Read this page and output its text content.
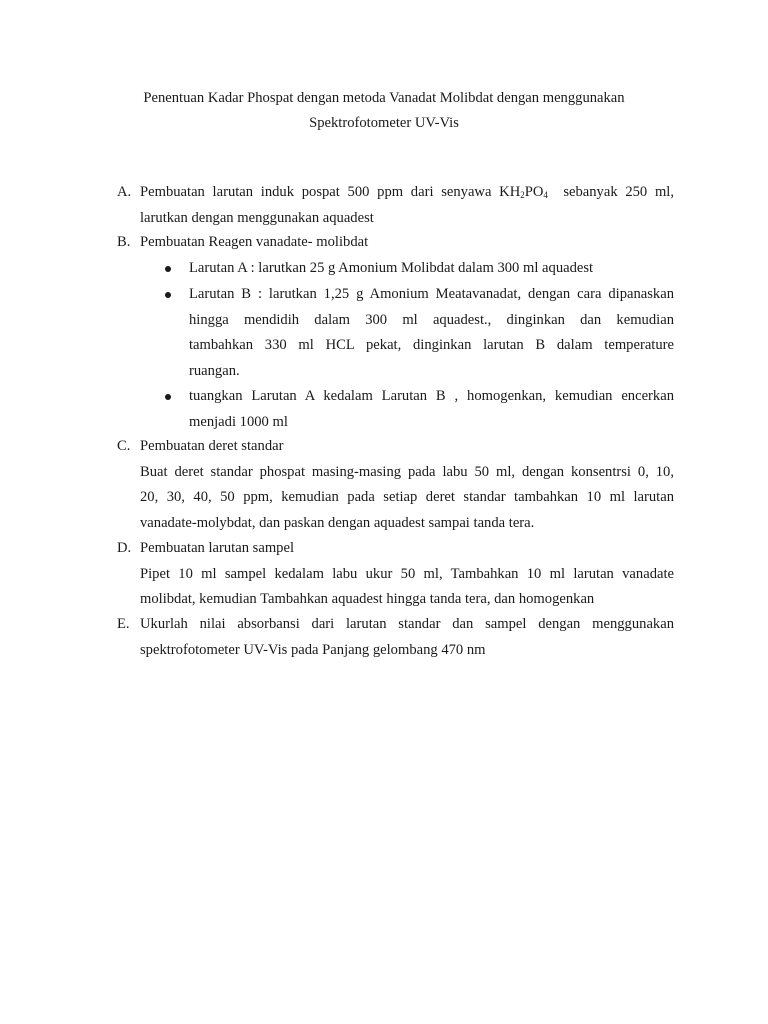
Penentuan Kadar Phospat dengan metoda Vanadat Molibdat dengan menggunakan
Spektrofotometer UV-Vis
A. Pembuatan larutan induk pospat 500 ppm dari senyawa $KH_2PO_4$  sebanyak 250 ml,
larutkan dengan menggunakan aquadest
B. Pembuatan Reagen vanadate- molibdat
Larutan A : larutkan 25 g Amonium Molibdat dalam 300 ml aquadest
Larutan B : larutkan 1,25 g Amonium Meatavanadat, dengan cara dipanaskan
hingga mendidih dalam 300 ml aquadest., dinginkan dan kemudian
tambahkan 330 ml HCL pekat, dinginkan larutan B dalam temperature
ruangan.
tuangkan Larutan A kedalam Larutan B , homogenkan, kemudian encerkan
menjadi 1000 ml
C. Pembuatan deret standar
Buat deret standar phospat masing-masing pada labu 50 ml, dengan konsentrsi 0, 10,
20, 30, 40, 50 ppm, kemudian pada setiap deret standar tambahkan 10 ml larutan
vanadate-molybdat, dan paskan dengan aquadest sampai tanda tera.
D. Pembuatan larutan sampel
Pipet 10 ml sampel kedalam labu ukur 50 ml, Tambahkan 10 ml larutan vanadate
molibdat, kemudian Tambahkan aquadest hingga tanda tera, dan homogenkan
E. Ukurlah nilai absorbansi dari larutan standar dan sampel dengan menggunakan
spektrofotometer UV-Vis pada Panjang gelombang 470 nm
